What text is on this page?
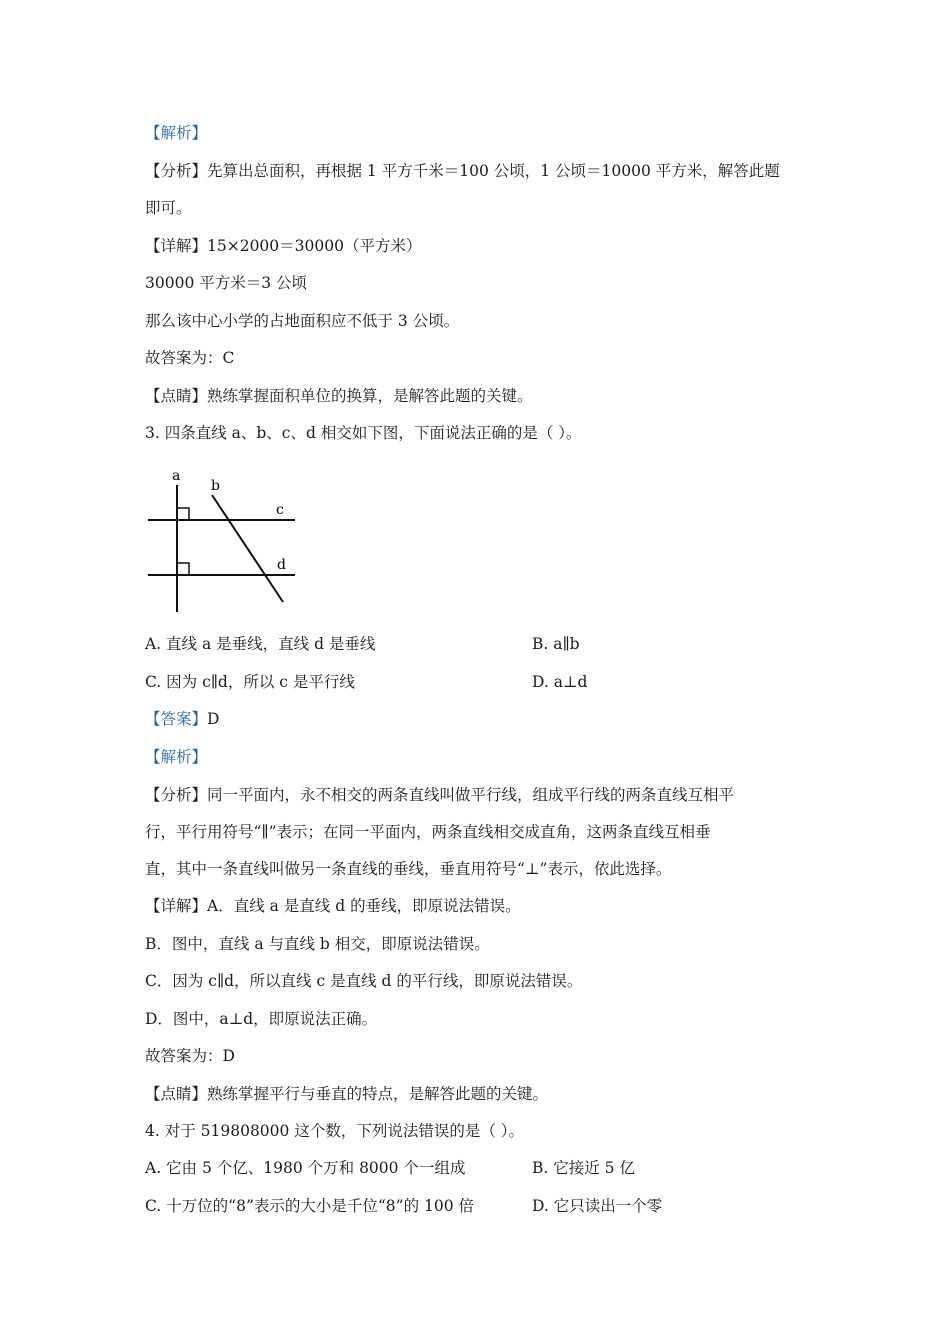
【解析】
【分析】先算出总面积，再根据 1 平方千米＝100 公顷，1 公顷＝10000 平方米，解答此题
即可。
【详解】15×2000＝30000（平方米）
30000 平方米＝3 公顷
那么该中心小学的占地面积应不低于 3 公顷。
故答案为：C
【点睛】熟练掌握面积单位的换算，是解答此题的关键。
3. 四条直线 a、b、c、d 相交如下图，下面说法正确的是（ ）。
a
b
c
d
A. 直线 a 是垂线，直线 d 是垂线	B. a∥b
C. 因为 c∥d，所以 c 是平行线	D. a⊥d
【答案】D
【解析】
【分析】同一平面内，永不相交的两条直线叫做平行线，组成平行线的两条直线互相平
行，平行用符号“∥”表示；在同一平面内，两条直线相交成直角，这两条直线互相垂
直，其中一条直线叫做另一条直线的垂线，垂直用符号“⊥”表示，依此选择。
【详解】A．直线 a 是直线 d 的垂线，即原说法错误。
B．图中，直线 a 与直线 b 相交，即原说法错误。
C．因为 c∥d，所以直线 c 是直线 d 的平行线，即原说法错误。
D．图中，a⊥d，即原说法正确。
故答案为：D
【点睛】熟练掌握平行与垂直的特点，是解答此题的关键。
4. 对于 519808000 这个数，下列说法错误的是（ ）。
A. 它由 5 个亿、1980 个万和 8000 个一组成	B. 它接近 5 亿
C. 十万位的“8”表示的大小是千位“8”的 100 倍	D. 它只读出一个零
